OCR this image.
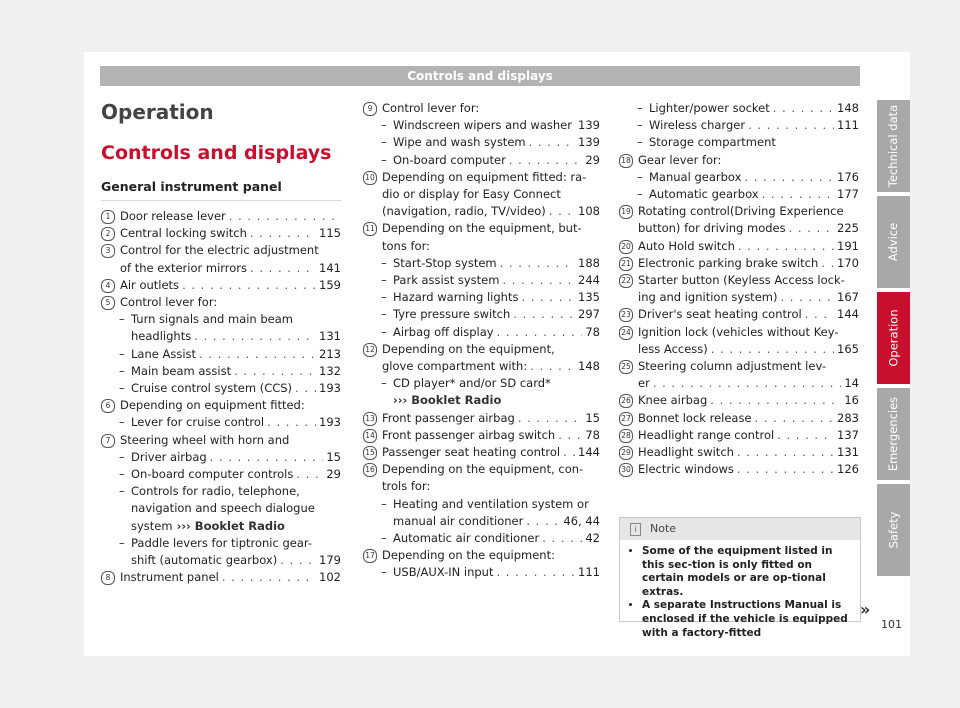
Controls and displays
Operation
Controls and displays
General instrument panel
1 Door release lever
. . .
2 Central locking switch . . .	115
3 Control for the electric adjustment
of the exterior mirrors . . .	141
4 Air outlets . . .	159
5 Control lever for:
– Turn signals and main beam
headlights . . .	131
– Lane Assist . . .	213
– Main beam assist . . .	132
– Cruise control system (CCS) . . . 193
6 Depending on equipment fitted:
– Lever for cruise control . . .	193
7 Steering wheel with horn and
– Driver airbag . . .	15
– On-board computer controls . . .	29
– Controls for radio, telephone,
navigation and speech dialogue
system ››› Booklet Radio
– Paddle levers for tiptronic gear-
shift (automatic gearbox) . . .	179
8 Instrument panel . . .	102
9 Control lever for:
– Windscreen wipers and washer . . . 139
– Wipe and wash system . . .	139
– On-board computer . . .	29
10 Depending on equipment fitted: ra-
dio or display for Easy Connect
(navigation, radio, TV/video) . . .	108
11 Depending on the equipment, but-
tons for:
– Start-Stop system . . .	188
– Park assist system . . .	244
– Hazard warning lights . . .	135
– Tyre pressure switch . . .	297
– Airbag off display . . .	78
12 Depending on the equipment,
glove compartment with: . . .	148
– CD player* and/or SD card*
››› Booklet Radio
13 Front passenger airbag . . .	15
14 Front passenger airbag switch . . .	78
15 Passenger seat heating control . . . 144
16 Depending on the equipment, con-
trols for:
– Heating and ventilation system or
manual air conditioner . . .	46, 44
– Automatic air conditioner . . .	42
17 Depending on the equipment:
– USB/AUX-IN input . . .	111
– Lighter/power socket . . .	148
– Wireless charger . . .	111
– Storage compartment
18 Gear lever for:
– Manual gearbox . . .	176
– Automatic gearbox . . .	177
19 Rotating control(Driving Experience
button) for driving modes . . .	225
20 Auto Hold switch . . .	191
21 Electronic parking brake switch . . . 170
22 Starter button (Keyless Access lock-
ing and ignition system) . . .	167
23 Driver's seat heating control . . .	144
24 Ignition lock (vehicles without Key-
less Access) . . .	165
25 Steering column adjustment lev-
er . . .	14
26 Knee airbag . . .	16
27 Bonnet lock release . . .	283
28 Headlight range control . . .	137
29 Headlight switch . . .	131
30 Electric windows . . .	126
i	Note
• Some of the equipment listed in this sec-tion is only fitted on certain models or are op-tional extras.
• A separate Instructions Manual is enclosed if the vehicle is equipped with a factory-fitted
»
Technical data
Advice
Operation
Emergencies
Safety
101
